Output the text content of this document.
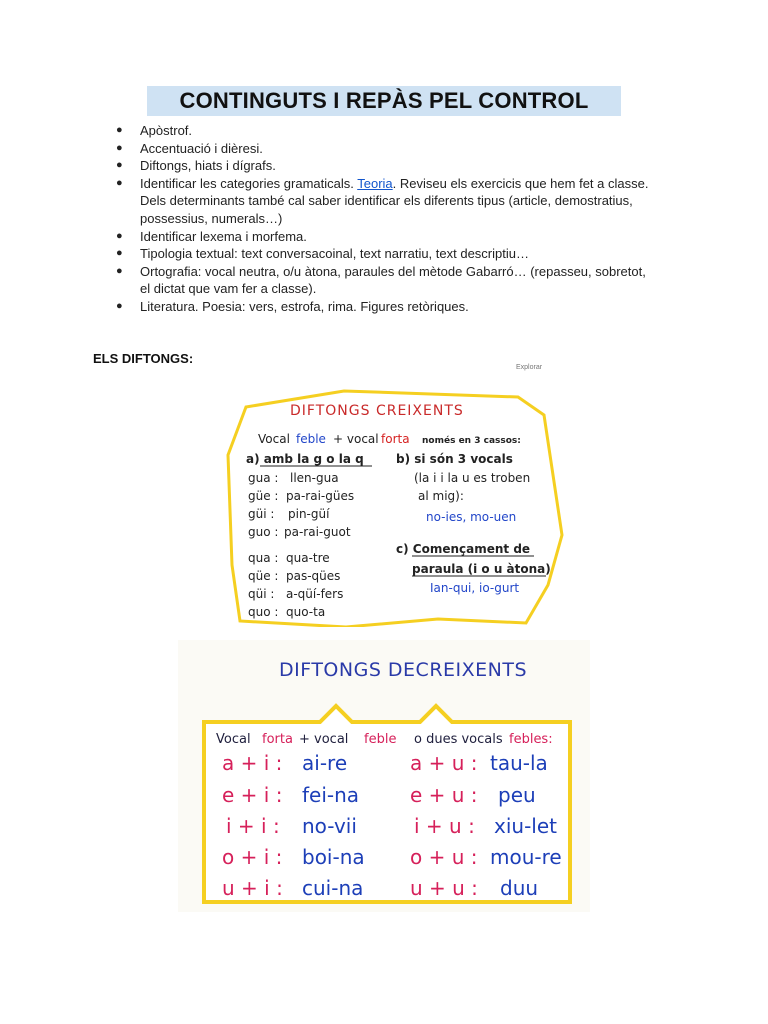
CONTINGUTS I REPÀS PEL CONTROL
● Apòstrof.
● Accentuació i dièresi.
● Diftongs, hiats i dígrafs.
● Identificar les categories gramaticals. Teoria. Reviseu els exercicis que hem fet a classe. Dels determinants també cal saber identificar els diferents tipus (article, demostratius, possessius, numerals…)
● Identificar lexema i morfema.
● Tipologia textual: text conversacoinal, text narratiu, text descriptiu…
● Ortografia: vocal neutra, o/u àtona, paraules del mètode Gabarró… (repasseu, sobretot, el dictat que vam fer a classe).
● Literatura. Poesia: vers, estrofa, rima. Figures retòriques.
ELS DIFTONGS:
Explorar
DIFTONGS CREIXENTS
Vocal feble + vocal forta només en 3 cassos:
a) amb la g o la q
gua : llen-gua
güe : pa-rai-gües
güi : pin-güí
guo : pa-rai-guot
qua : qua-tre
qüe : pas-qües
qüi : a-qüí-fers
quo : quo-ta
b) si són 3 vocals
(la i i la u es troben
al mig):
no-ies, mo-uen
c) Començament de
paraula (i o u àtona)
Ian-qui, io-gurt
DIFTONGS DECREIXENTS
Vocal forta + vocal feble o dues vocals febles:
a + i : ai-re	a + u : tau-la
e + i : fei-na	e + u : peu
i + i : no-vii	i + u : xiu-let
o + i : boi-na o + u : mou-re
u + i : cui-na u + u : duu
